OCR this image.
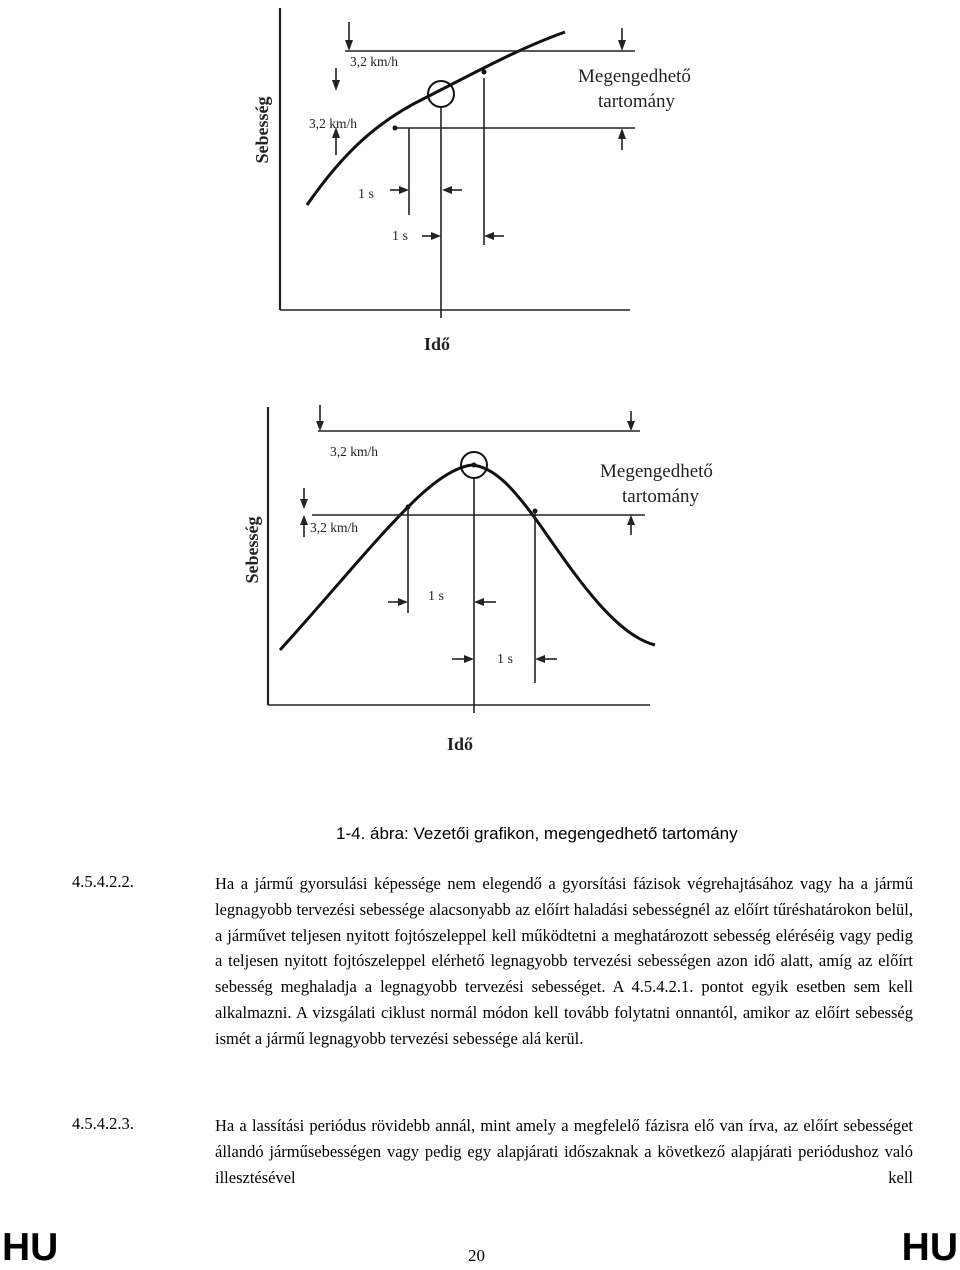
Sebesség
Idő
3,2 km/h
3,2 km/h
1 s
1 s
Megengedhető
tartomány
Sebesség
Idő
3,2 km/h
3,2 km/h
1 s
1 s
Megengedhető
tartomány
1-4. ábra: Vezetői grafikon, megengedhető tartomány
4.5.4.2.2.	Ha a jármű gyorsulási képessége nem elegendő a gyorsítási fázisok végrehajtásához vagy ha a jármű legnagyobb tervezési sebessége alacsonyabb az előírt haladási sebességnél az előírt tűréshatárokon belül, a járművet teljesen nyitott fojtószeleppel kell működtetni a meghatározott sebesség eléréséig vagy pedig a teljesen nyitott fojtószeleppel elérhető legnagyobb tervezési sebességen azon idő alatt, amíg az előírt sebesség meghaladja a legnagyobb tervezési sebességet. A 4.5.4.2.1. pontot egyik esetben sem kell alkalmazni. A vizsgálati ciklust normál módon kell tovább folytatni onnantól, amikor az előírt sebesség ismét a jármű legnagyobb tervezési sebessége alá kerül.

4.5.4.2.3.	Ha a lassítási periódus rövidebb annál, mint amely a megfelelő fázisra elő van írva, az előírt sebességet állandó járműsebességen vagy pedig egy alapjárati időszaknak a következő alapjárati periódushoz való illesztésével kell

HU	20	HU
